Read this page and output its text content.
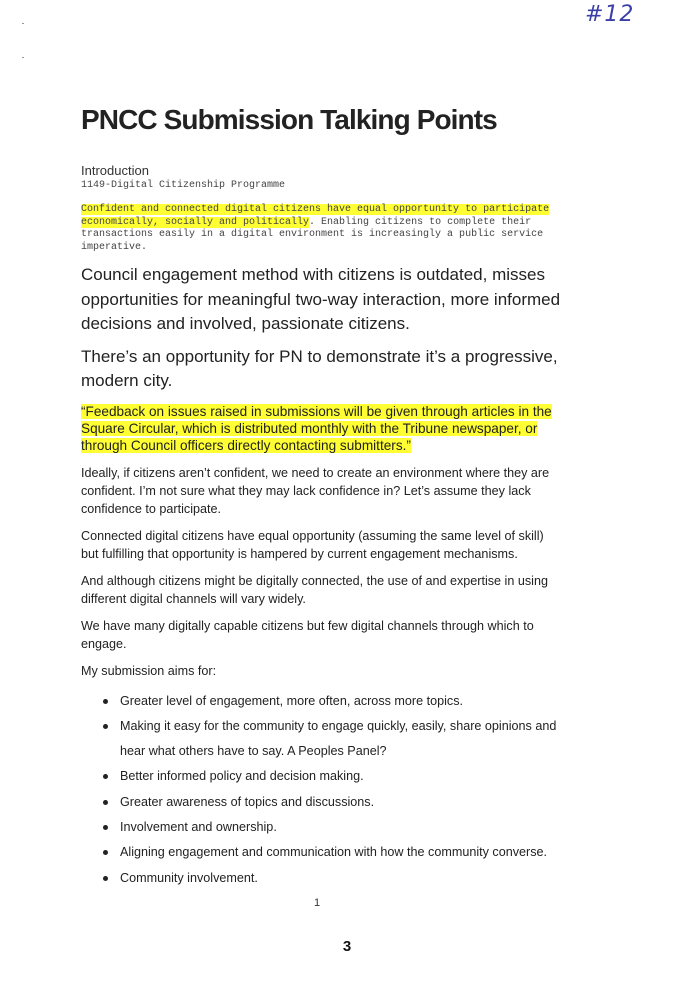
#12
PNCC Submission Talking Points
Introduction
1149-Digital Citizenship Programme

Confident and connected digital citizens have equal opportunity to participate economically, socially and politically. Enabling citizens to complete their transactions easily in a digital environment is increasingly a public service imperative.

Council engagement method with citizens is outdated, misses opportunities for meaningful two-way interaction, more informed decisions and involved, passionate citizens.

There’s an opportunity for PN to demonstrate it’s a progressive, modern city.

“Feedback on issues raised in submissions will be given through articles in the Square Circular, which is distributed monthly with the Tribune newspaper, or through Council officers directly contacting submitters.”

Ideally, if citizens aren’t confident, we need to create an environment where they are confident. I’m not sure what they may lack confidence in? Let’s assume they lack confidence to participate.

Connected digital citizens have equal opportunity (assuming the same level of skill) but fulfilling that opportunity is hampered by current engagement mechanisms.

And although citizens might be digitally connected, the use of and expertise in using different digital channels will vary widely.

We have many digitally capable citizens but few digital channels through which to engage.

My submission aims for:

Greater level of engagement, more often, across more topics.
Making it easy for the community to engage quickly, easily, share opinions and hear what others have to say. A Peoples Panel?
Better informed policy and decision making.
Greater awareness of topics and discussions.
Involvement and ownership.
Aligning engagement and communication with how the community converse.
Community involvement.
1
3
